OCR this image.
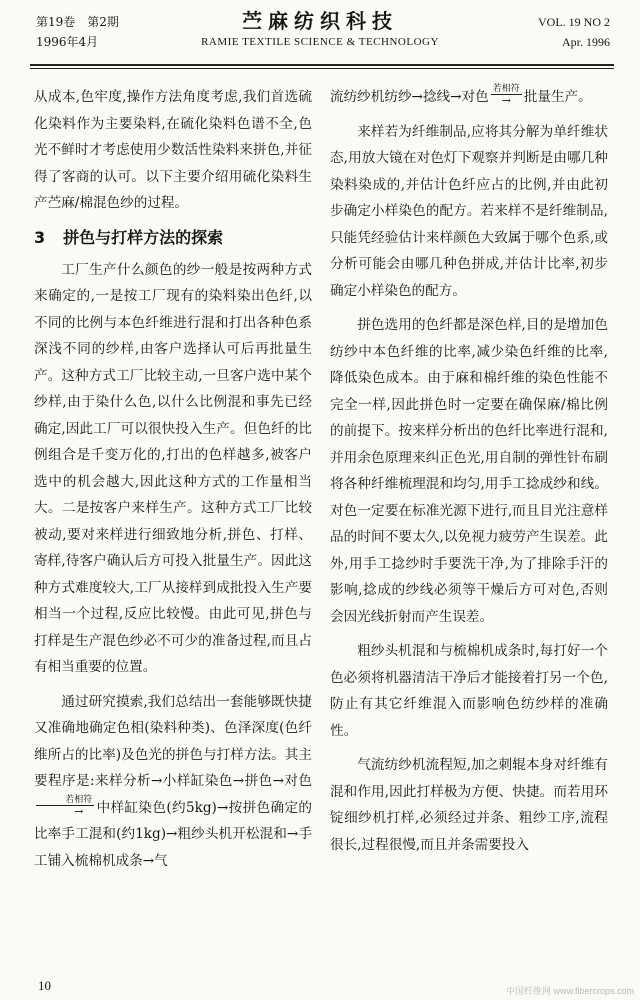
第19卷　第2期
1996年4月
苎麻纺织科技
RAMIE TEXTILE SCIENCE & TECHNOLOGY
VOL. 19 NO 2
Apr. 1996

从成本,色牢度,操作方法角度考虑,我们首选硫化染料作为主要染料,在硫化染料色谱不全,色光不鲜时才考虑使用少数活性染料来拼色,并征得了客商的认可。以下主要介绍用硫化染料生产苎麻/棉混色纱的过程。

3 拼色与打样方法的探索

工厂生产什么颜色的纱一般是按两种方式来确定的,一是按工厂现有的染料染出色纤,以不同的比例与本色纤维进行混和打出各种色系深浅不同的纱样,由客户选择认可后再批量生产。这种方式工厂比较主动,一旦客户选中某个纱样,由于染什么色,以什么比例混和事先已经确定,因此工厂可以很快投入生产。但色纤的比例组合是千变万化的,打出的色样越多,被客户选中的机会越大,因此这种方式的工作量相当大。二是按客户来样生产。这种方式工厂比较被动,要对来样进行细致地分析,拼色、打样、寄样,待客户确认后方可投入批量生产。因此这种方式难度较大,工厂从接样到成批投入生产要相当一个过程,反应比较慢。由此可见,拼色与打样是生产混色纱必不可少的准备过程,而且占有相当重要的位置。

通过研究摸索,我们总结出一套能够既快捷又准确地确定色相(染料种类)、色泽深度(色纤维所占的比率)及色光的拼色与打样方法。其主要程序是:来样分析→小样缸染色→拼色→对色
若相符
→ 中样缸染色(约5kg)→按拼色确定的比率手工混和(约1kg)→粗纱头机开松混和→手工铺入梳棉机成条→气

流纺纱机纺纱→捻线→对色 若相符
→ 批量生产。

来样若为纤维制品,应将其分解为单纤维状态,用放大镜在对色灯下观察并判断是由哪几种染料染成的,并估计色纤应占的比例,并由此初步确定小样染色的配方。若来样不是纤维制品,只能凭经验估计来样颜色大致属于哪个色系,或分析可能会由哪几种色拼成,并估计比率,初步确定小样染色的配方。

拼色选用的色纤都是深色样,目的是增加色纺纱中本色纤维的比率,减少染色纤维的比率,降低染色成本。由于麻和棉纤维的染色性能不完全一样,因此拼色时一定要在确保麻/棉比例的前提下。按来样分析出的色纤比率进行混和,并用余色原理来纠正色光,用自制的弹性针布刷将各种纤维梳理混和均匀,用手工捻成纱和线。对色一定要在标准光源下进行,而且目光注意样品的时间不要太久,以免视力疲劳产生误差。此外,用手工捻纱时手要洗干净,为了排除手汗的影响,捻成的纱线必须等干燥后方可对色,否则会因光线折射而产生误差。

粗纱头机混和与梳棉机成条时,每打好一个色必须将机器清洁干净后才能接着打另一个色,防止有其它纤维混入而影响色纺纱样的准确性。

气流纺纱机流程短,加之刺辊本身对纤维有混和作用,因此打样极为方便、快捷。而若用环锭细纱机打样,必须经过并条、粗纱工序,流程很长,过程很慢,而且并条需要投入

10	中国纤维网 www.fibercrops.com
